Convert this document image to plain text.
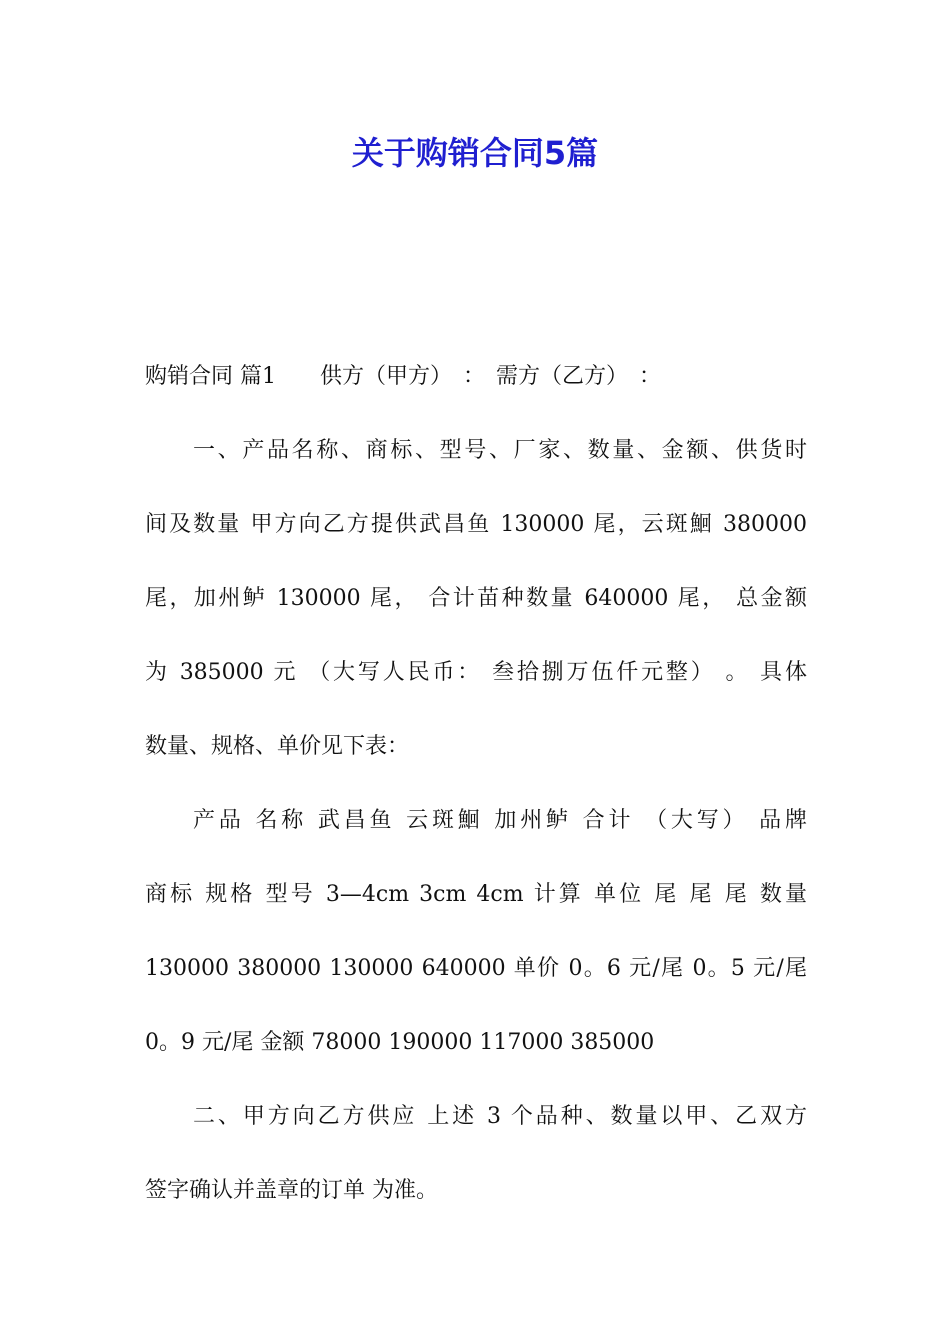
关于购销合同5篇

购销合同 篇1　　供方（甲方）　：　需方（乙方）　：

一、产品名称、商标、型号、厂家、数量、金额、供货时
间及数量 甲方向乙方提供武昌鱼 130000 尾，云斑鮰 380000
尾，加州鲈 130000 尾， 合计苗种数量 640000 尾， 总金额
为 385000 元 （大写人民币： 叁拾捌万伍仟元整） 。 具体
数量、规格、单价见下表：

产品 名称 武昌鱼 云斑鮰 加州鲈 合计 （大写） 品牌
商标 规格 型号 3—4cm 3cm 4cm 计算 单位 尾 尾 尾 数量
130000 380000 130000 640000 单价 0。6 元/尾 0。5 元/尾
0。9 元/尾 金额 78000 190000 117000 385000

二、甲方向乙方供应 上述 3 个品种、数量以甲、乙双方
签字确认并盖章的订单 为准。
